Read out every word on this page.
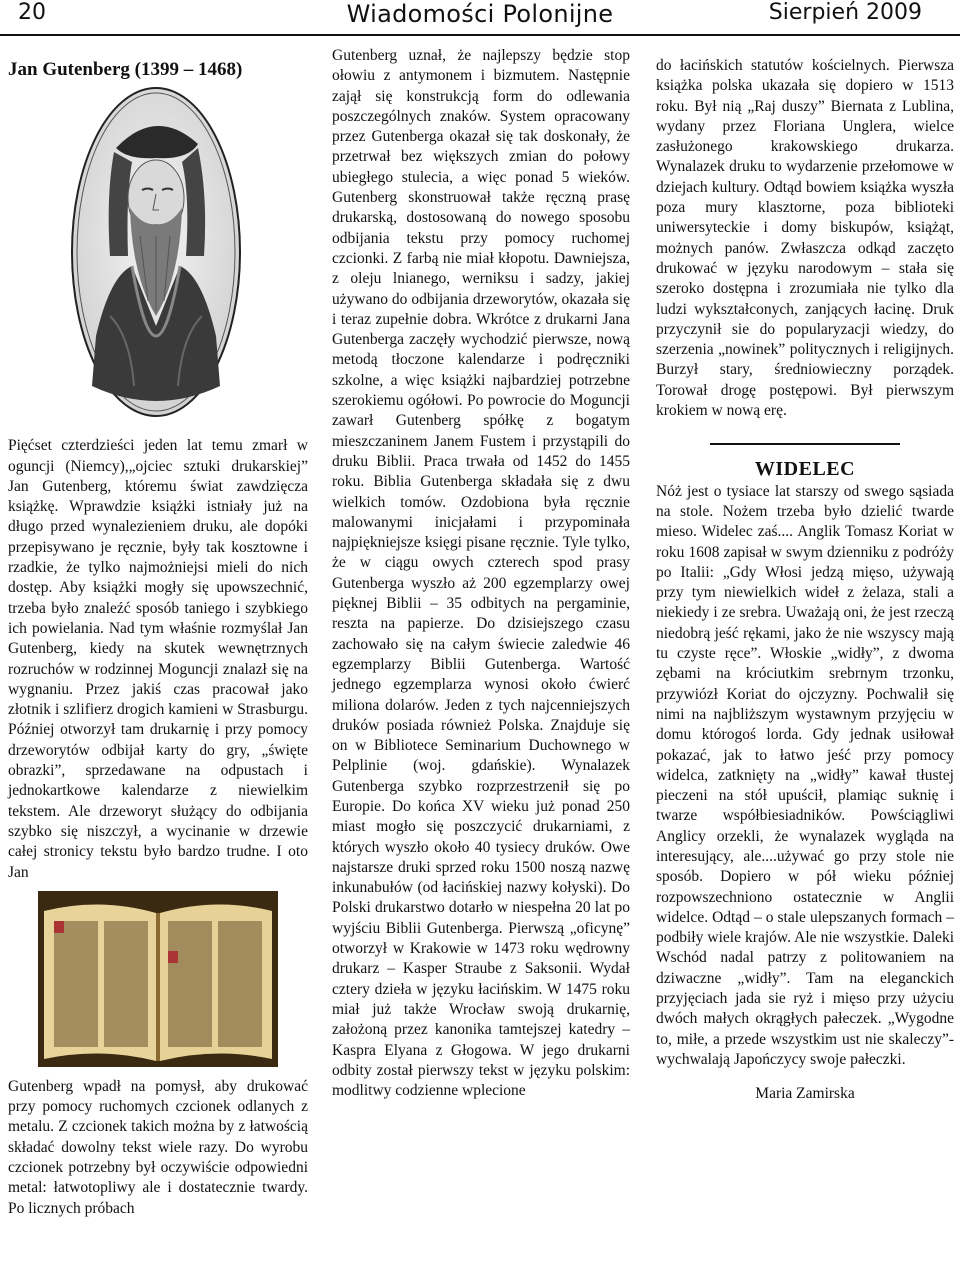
20	Wiadomości Polonijne	Sierpień 2009

Jan Gutenberg (1399 – 1468)

Pięćset czterdzieści jeden lat temu zmarł w oguncji (Niemcy),„ojciec sztuki drukarskiej” Jan Gutenberg, któremu świat zawdzięcza książkę. Wprawdzie książki istniały już na długo przed wynalezieniem druku, ale dopóki przepisywano je ręcznie, były tak kosztowne i rzadkie, że tylko najmożniejsi mieli do nich dostęp. Aby książki mogły się upowszechnić, trzeba było znaleźć sposób taniego i szybkiego ich powielania. Nad tym właśnie rozmyślał Jan Gutenberg, kiedy na skutek wewnętrznych rozruchów w rodzinnej Moguncji znalazł się na wygnaniu. Przez jakiś czas pracował jako złotnik i szlifierz drogich kamieni w Strasburgu. Później otworzył tam drukarnię i przy pomocy drzeworytów odbijał karty do gry, „święte obrazki”, sprzedawane na odpustach i jednokartkowe kalendarze z niewielkim tekstem. Ale drzeworyt służący do odbijania szybko się niszczył, a wycinanie w drzewie całej stronicy tekstu było bardzo trudne. I oto Jan

Gutenberg wpadł na pomysł, aby drukować przy pomocy ruchomych czcionek odlanych z metalu. Z czcionek takich można by z łatwością składać dowolny tekst wiele razy. Do wyrobu czcionek potrzebny był oczywiście odpowiedni metal: łatwotopliwy ale i dostatecznie twardy. Po licznych próbach

Gutenberg uznał, że najlepszy będzie stop ołowiu z antymonem i bizmutem. Następnie zajął się konstrukcją form do odlewania poszczególnych znaków. System opracowany przez Gutenberga okazał się tak doskonały, że przetrwał bez większych zmian do połowy ubiegłego stulecia, a więc ponad 5 wieków. Gutenberg skonstruował także ręczną prasę drukarską, dostosowaną do nowego sposobu odbijania tekstu przy pomocy ruchomej czcionki. Z farbą nie miał kłopotu. Dawniejsza, z oleju lnianego, werniksu i sadzy, jakiej używano do odbijania drzeworytów, okazała się i teraz zupełnie dobra. Wkrótce z drukarni Jana Gutenberga zaczęły wychodzić pierwsze, nową metodą tłoczone kalendarze i podręczniki szkolne, a więc książki najbardziej potrzebne szerokiemu ogółowi. Po powrocie do Moguncji zawarł Gutenberg spółkę z bogatym mieszczaninem Janem Fustem i przystąpili do druku Biblii. Praca trwała od 1452 do 1455 roku. Biblia Gutenberga składała się z dwu wielkich tomów. Ozdobiona była ręcznie malowanymi inicjałami i przypominała najpiękniejsze księgi pisane ręcznie. Tyle tylko, że w ciągu owych czterech spod prasy Gutenberga wyszło aż 200 egzemplarzy owej pięknej Biblii – 35 odbitych na pergaminie, reszta na papierze. Do dzisiejszego czasu zachowało się na całym świecie zaledwie 46 egzemplarzy Biblii Gutenberga. Wartość jednego egzemplarza wynosi około ćwierć miliona dolarów. Jeden z tych najcenniejszych druków posiada również Polska. Znajduje się on w Bibliotece Seminarium Duchownego w Pelplinie (woj. gdańskie). Wynalazek Gutenberga szybko rozprzestrzenił się po Europie. Do końca XV wieku już ponad 250 miast mogło się poszczycić drukarniami, z których wyszło około 40 tysiecy druków. Owe najstarsze druki sprzed roku 1500 noszą nazwę inkunabułów (od łacińskiej nazwy kołyski). Do Polski drukarstwo dotarło w niespełna 20 lat po wyjściu Biblii Gutenberga. Pierwszą „oficynę” otworzył w Krakowie w 1473 roku wędrowny drukarz – Kasper Straube z Saksonii. Wydał cztery dzieła w języku łacińskim. W 1475 roku miał już także Wrocław swoją drukarnię, założoną przez kanonika tamtejszej katedry – Kaspra Elyana z Głogowa. W jego drukarni odbity został pierwszy tekst w języku polskim: modlitwy codzienne wplecione

do łacińskich statutów kościelnych. Pierwsza książka polska ukazała się dopiero w 1513 roku. Był nią „Raj duszy” Biernata z Lublina, wydany przez Floriana Unglera, wielce zasłużonego krakowskiego drukarza. Wynalazek druku to wydarzenie przełomowe w dziejach kultury. Odtąd bowiem książka wyszła poza mury klasztorne, poza biblioteki uniwersyteckie i domy biskupów, książąt, możnych panów. Zwłaszcza odkąd zaczęto drukować w języku narodowym – stała się szeroko dostępna i zrozumiała nie tylko dla ludzi wykształconych, zanjących łacinę. Druk przyczynił sie do popularyzacji wiedzy, do szerzenia „nowinek” politycznych i religijnych. Burzył stary, średniowieczny porządek. Torował drogę postępowi. Był pierwszym krokiem w nową erę.

WIDELEC

Nóż jest o tysiace lat starszy od swego sąsiada na stole. Nożem trzeba było dzielić twarde mieso. Widelec zaś.... Anglik Tomasz Koriat w roku 1608 zapisał w swym dzienniku z podróży po Italii: „Gdy Włosi jedzą mięso, używają przy tym niewielkich wideł z żelaza, stali a niekiedy i ze srebra. Uważają oni, że jest rzeczą niedobrą jeść rękami, jako że nie wszyscy mają tu czyste ręce”. Włoskie „widły”, z dwoma zębami na króciutkim srebrnym trzonku, przywiózł Koriat do ojczyzny. Pochwalił się nimi na najbliższym wystawnym przyjęciu w domu którogoś lorda. Gdy jednak usiłował pokazać, jak to łatwo jeść przy pomocy widelca, zatknięty na „widły” kawał tłustej pieczeni na stół upuścił, plamiąc suknię i twarze współbiesiadników. Powściągliwi Anglicy orzekli, że wynalazek wygląda na interesujący, ale....używać go przy stole nie sposób. Dopiero w pół wieku później rozpowszechniono ostatecznie w Anglii widelce. Odtąd – o stale ulepszanych formach – podbiły wiele krajów. Ale nie wszystkie. Daleki Wschód nadal patrzy z politowaniem na dziwaczne „widły”. Tam na eleganckich przyjęciach jada sie ryż i mięso przy użyciu dwóch małych okrągłych pałeczek. „Wygodne to, miłe, a przede wszystkim ust nie skaleczy”- wychwalają Japończycy swoje pałeczki.

Maria Zamirska
